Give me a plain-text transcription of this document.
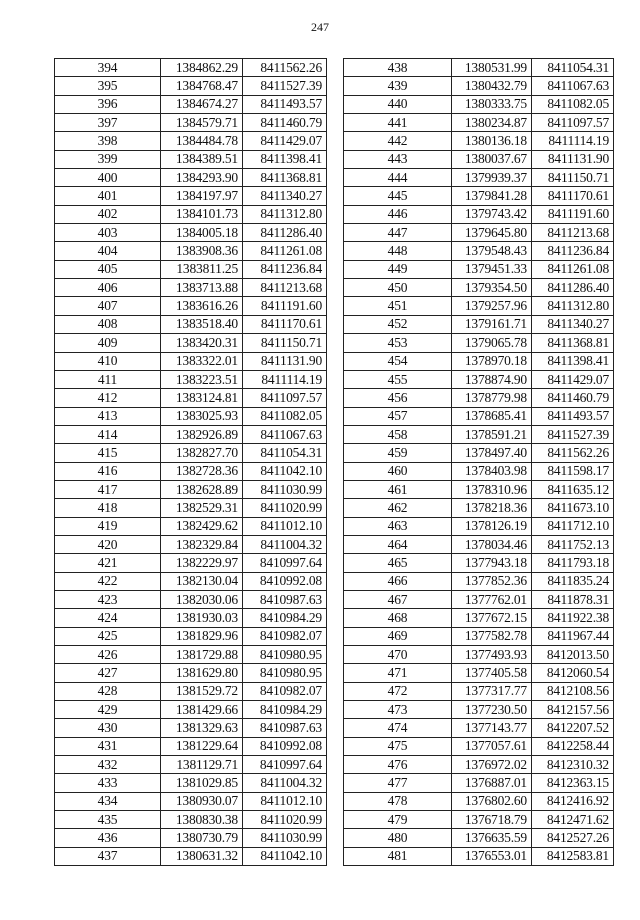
247
394	1384862.29	8411562.26
395	1384768.47	8411527.39
396	1384674.27	8411493.57
397	1384579.71	8411460.79
398	1384484.78	8411429.07
399	1384389.51	8411398.41
400	1384293.90	8411368.81
401	1384197.97	8411340.27
402	1384101.73	8411312.80
403	1384005.18	8411286.40
404	1383908.36	8411261.08
405	1383811.25	8411236.84
406	1383713.88	8411213.68
407	1383616.26	8411191.60
408	1383518.40	8411170.61
409	1383420.31	8411150.71
410	1383322.01	8411131.90
411	1383223.51	8411114.19
412	1383124.81	8411097.57
413	1383025.93	8411082.05
414	1382926.89	8411067.63
415	1382827.70	8411054.31
416	1382728.36	8411042.10
417	1382628.89	8411030.99
418	1382529.31	8411020.99
419	1382429.62	8411012.10
420	1382329.84	8411004.32
421	1382229.97	8410997.64
422	1382130.04	8410992.08
423	1382030.06	8410987.63
424	1381930.03	8410984.29
425	1381829.96	8410982.07
426	1381729.88	8410980.95
427	1381629.80	8410980.95
428	1381529.72	8410982.07
429	1381429.66	8410984.29
430	1381329.63	8410987.63
431	1381229.64	8410992.08
432	1381129.71	8410997.64
433	1381029.85	8411004.32
434	1380930.07	8411012.10
435	1380830.38	8411020.99
436	1380730.79	8411030.99
437	1380631.32	8411042.10
438	1380531.99	8411054.31
439	1380432.79	8411067.63
440	1380333.75	8411082.05
441	1380234.87	8411097.57
442	1380136.18	8411114.19
443	1380037.67	8411131.90
444	1379939.37	8411150.71
445	1379841.28	8411170.61
446	1379743.42	8411191.60
447	1379645.80	8411213.68
448	1379548.43	8411236.84
449	1379451.33	8411261.08
450	1379354.50	8411286.40
451	1379257.96	8411312.80
452	1379161.71	8411340.27
453	1379065.78	8411368.81
454	1378970.18	8411398.41
455	1378874.90	8411429.07
456	1378779.98	8411460.79
457	1378685.41	8411493.57
458	1378591.21	8411527.39
459	1378497.40	8411562.26
460	1378403.98	8411598.17
461	1378310.96	8411635.12
462	1378218.36	8411673.10
463	1378126.19	8411712.10
464	1378034.46	8411752.13
465	1377943.18	8411793.18
466	1377852.36	8411835.24
467	1377762.01	8411878.31
468	1377672.15	8411922.38
469	1377582.78	8411967.44
470	1377493.93	8412013.50
471	1377405.58	8412060.54
472	1377317.77	8412108.56
473	1377230.50	8412157.56
474	1377143.77	8412207.52
475	1377057.61	8412258.44
476	1376972.02	8412310.32
477	1376887.01	8412363.15
478	1376802.60	8412416.92
479	1376718.79	8412471.62
480	1376635.59	8412527.26
481	1376553.01	8412583.81
